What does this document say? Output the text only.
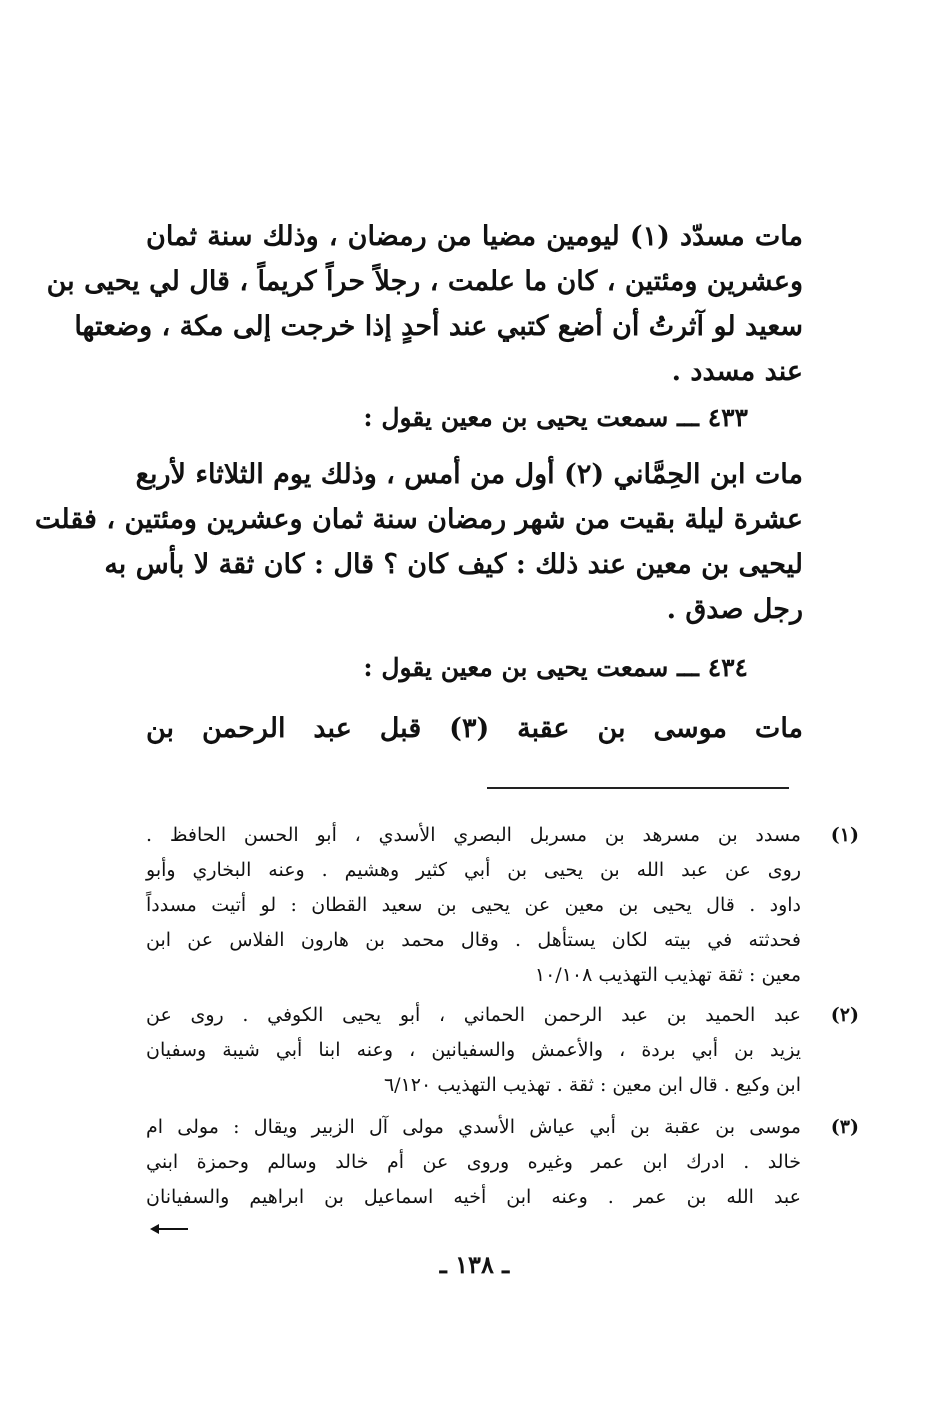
مات مسدّد (١) ليومين مضيا من رمضان ، وذلك سنة ثمان
وعشرين ومئتين ، كان ما علمت ، رجلاً حراً كريماً ، قال لي يحيى بن
سعيد لو آثرتُ أن أضع كتبي عند أحدٍ إذا خرجت إلى مكة ، وضعتها
عند مسدد .
٤٣٣ ـــ سمعت يحيى بن معين يقول :
مات ابن الحِمَّاني (٢) أول من أمس ، وذلك يوم الثلاثاء لأربع
عشرة ليلة بقيت من شهر رمضان سنة ثمان وعشرين ومئتين ، فقلت
ليحيى بن معين عند ذلك : كيف كان ؟ قال : كان ثقة لا بأس به
رجل صدق .
٤٣٤ ـــ سمعت يحيى بن معين يقول :
مات موسى بن عقبة (٣) قبل عبد الرحمن بن
(١)
مسدد بن مسرهد بن مسربل البصري الأسدي ، أبو الحسن الحافظ .
روى عن عبد الله بن يحيى بن أبي كثير وهشيم . وعنه البخاري وأبو
داود . قال يحيى بن معين عن يحيى بن سعيد القطان : لو أتيت مسدداً
فحدثته في بيته لكان يستأهل . وقال محمد بن هارون الفلاس عن ابن
معين : ثقة تهذيب التهذيب ١٠/١٠٨
(٢)
عبد الحميد بن عبد الرحمن الحماني ، أبو يحيى الكوفي . روى عن
يزيد بن أبي بردة ، والأعمش والسفيانين ، وعنه ابنا أبي شيبة وسفيان
ابن وكيع . قال ابن معين : ثقة . تهذيب التهذيب ٦/١٢٠
(٣)
موسى بن عقبة بن أبي عياش الأسدي مولى آل الزبير ويقال : مولى ام
خالد . ادرك ابن عمر وغيره وروى عن أم خالد وسالم وحمزة ابني
عبد الله بن عمر . وعنه ابن أخيه اسماعيل بن ابراهيم والسفيانان
ـ ١٣٨ ـ
